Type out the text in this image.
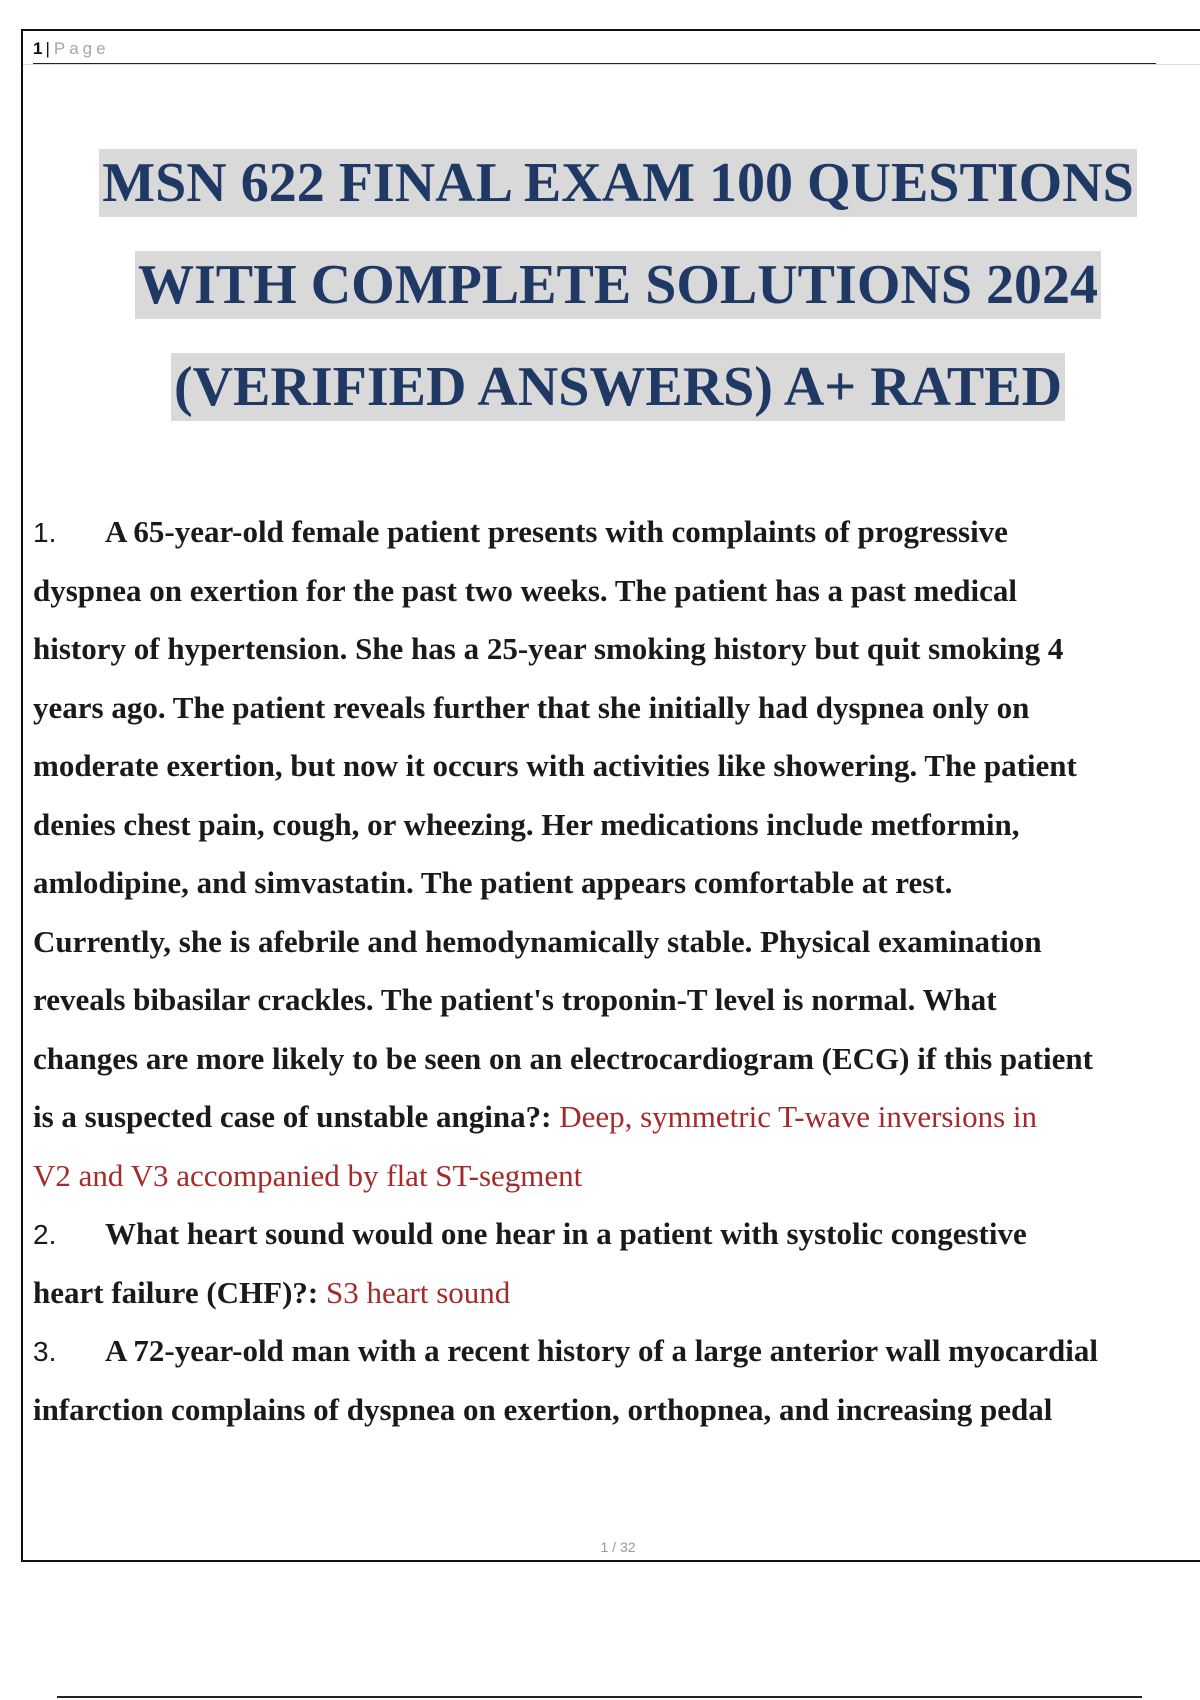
1 | Page
MSN 622 FINAL EXAM 100 QUESTIONS
WITH COMPLETE SOLUTIONS 2024
(VERIFIED ANSWERS) A+ RATED
1. A 65-year-old female patient presents with complaints of progressive
dyspnea on exertion for the past two weeks. The patient has a past medical
history of hypertension. She has a 25-year smoking history but quit smoking 4
years ago. The patient reveals further that she initially had dyspnea only on
moderate exertion, but now it occurs with activities like showering. The patient
denies chest pain, cough, or wheezing. Her medications include metformin,
amlodipine, and simvastatin. The patient appears comfortable at rest.
Currently, she is afebrile and hemodynamically stable. Physical examination
reveals bibasilar crackles. The patient's troponin-T level is normal. What
changes are more likely to be seen on an electrocardiogram (ECG) if this patient
is a suspected case of unstable angina?: Deep, symmetric T-wave inversions in
V2 and V3 accompanied by flat ST-segment
2. What heart sound would one hear in a patient with systolic congestive
heart failure (CHF)?: S3 heart sound
3. A 72-year-old man with a recent history of a large anterior wall myocardial
infarction complains of dyspnea on exertion, orthopnea, and increasing pedal
1 / 32
